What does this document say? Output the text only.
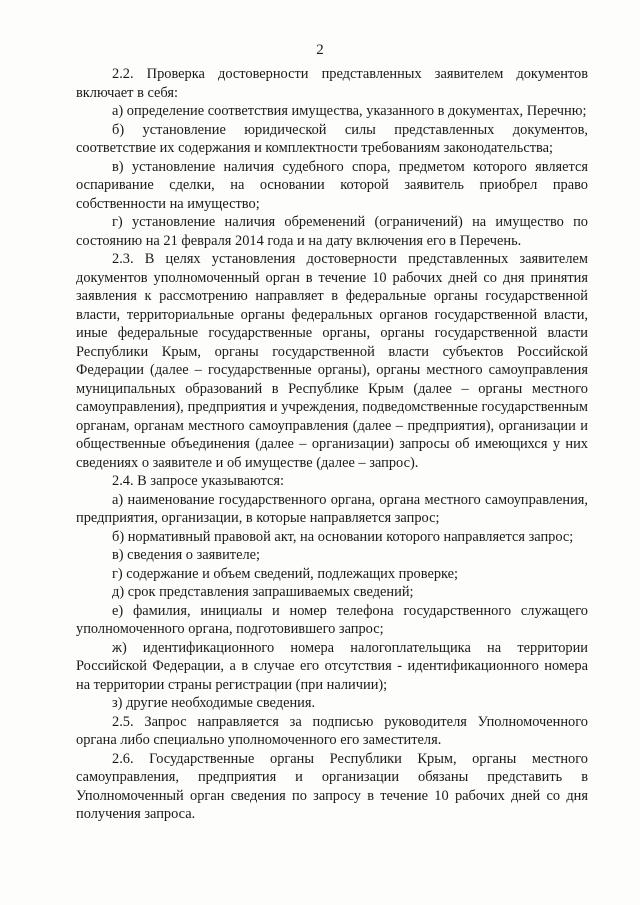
2

2.2. Проверка достоверности представленных заявителем документов включает в себя:

а) определение соответствия имущества, указанного в документах, Перечню;

б) установление юридической силы представленных документов, соответствие их содержания и комплектности требованиям законодательства;

в) установление наличия судебного спора, предметом которого является оспаривание сделки, на основании которой заявитель приобрел право собственности на имущество;

г) установление наличия обременений (ограничений) на имущество по состоянию на 21 февраля 2014 года и на дату включения его в Перечень.

2.3. В целях установления достоверности представленных заявителем документов уполномоченный орган в течение 10 рабочих дней со дня принятия заявления к рассмотрению направляет в федеральные органы государственной власти, территориальные органы федеральных органов государственной власти, иные федеральные государственные органы, органы государственной власти Республики Крым, органы государственной власти субъектов Российской Федерации (далее – государственные органы), органы местного самоуправления муниципальных образований в Республике Крым (далее – органы местного самоуправления), предприятия и учреждения, подведомственные государственным органам, органам местного самоуправления (далее – предприятия), организации и общественные объединения (далее – организации) запросы об имеющихся у них сведениях о заявителе и об имуществе (далее – запрос).

2.4. В запросе указываются:

а) наименование государственного органа, органа местного самоуправления, предприятия, организации, в которые направляется запрос;

б) нормативный правовой акт, на основании которого направляется запрос;

в) сведения о заявителе;

г) содержание и объем сведений, подлежащих проверке;

д) срок представления запрашиваемых сведений;

е) фамилия, инициалы и номер телефона государственного служащего уполномоченного органа, подготовившего запрос;

ж) идентификационного номера налогоплательщика на территории Российской Федерации, а в случае его отсутствия - идентификационного номера на территории страны регистрации (при наличии);

з) другие необходимые сведения.

2.5. Запрос направляется за подписью руководителя Уполномоченного органа либо специально уполномоченного его заместителя.

2.6. Государственные органы Республики Крым, органы местного самоуправления, предприятия и организации обязаны представить в Уполномоченный орган сведения по запросу в течение 10 рабочих дней со дня получения запроса.
